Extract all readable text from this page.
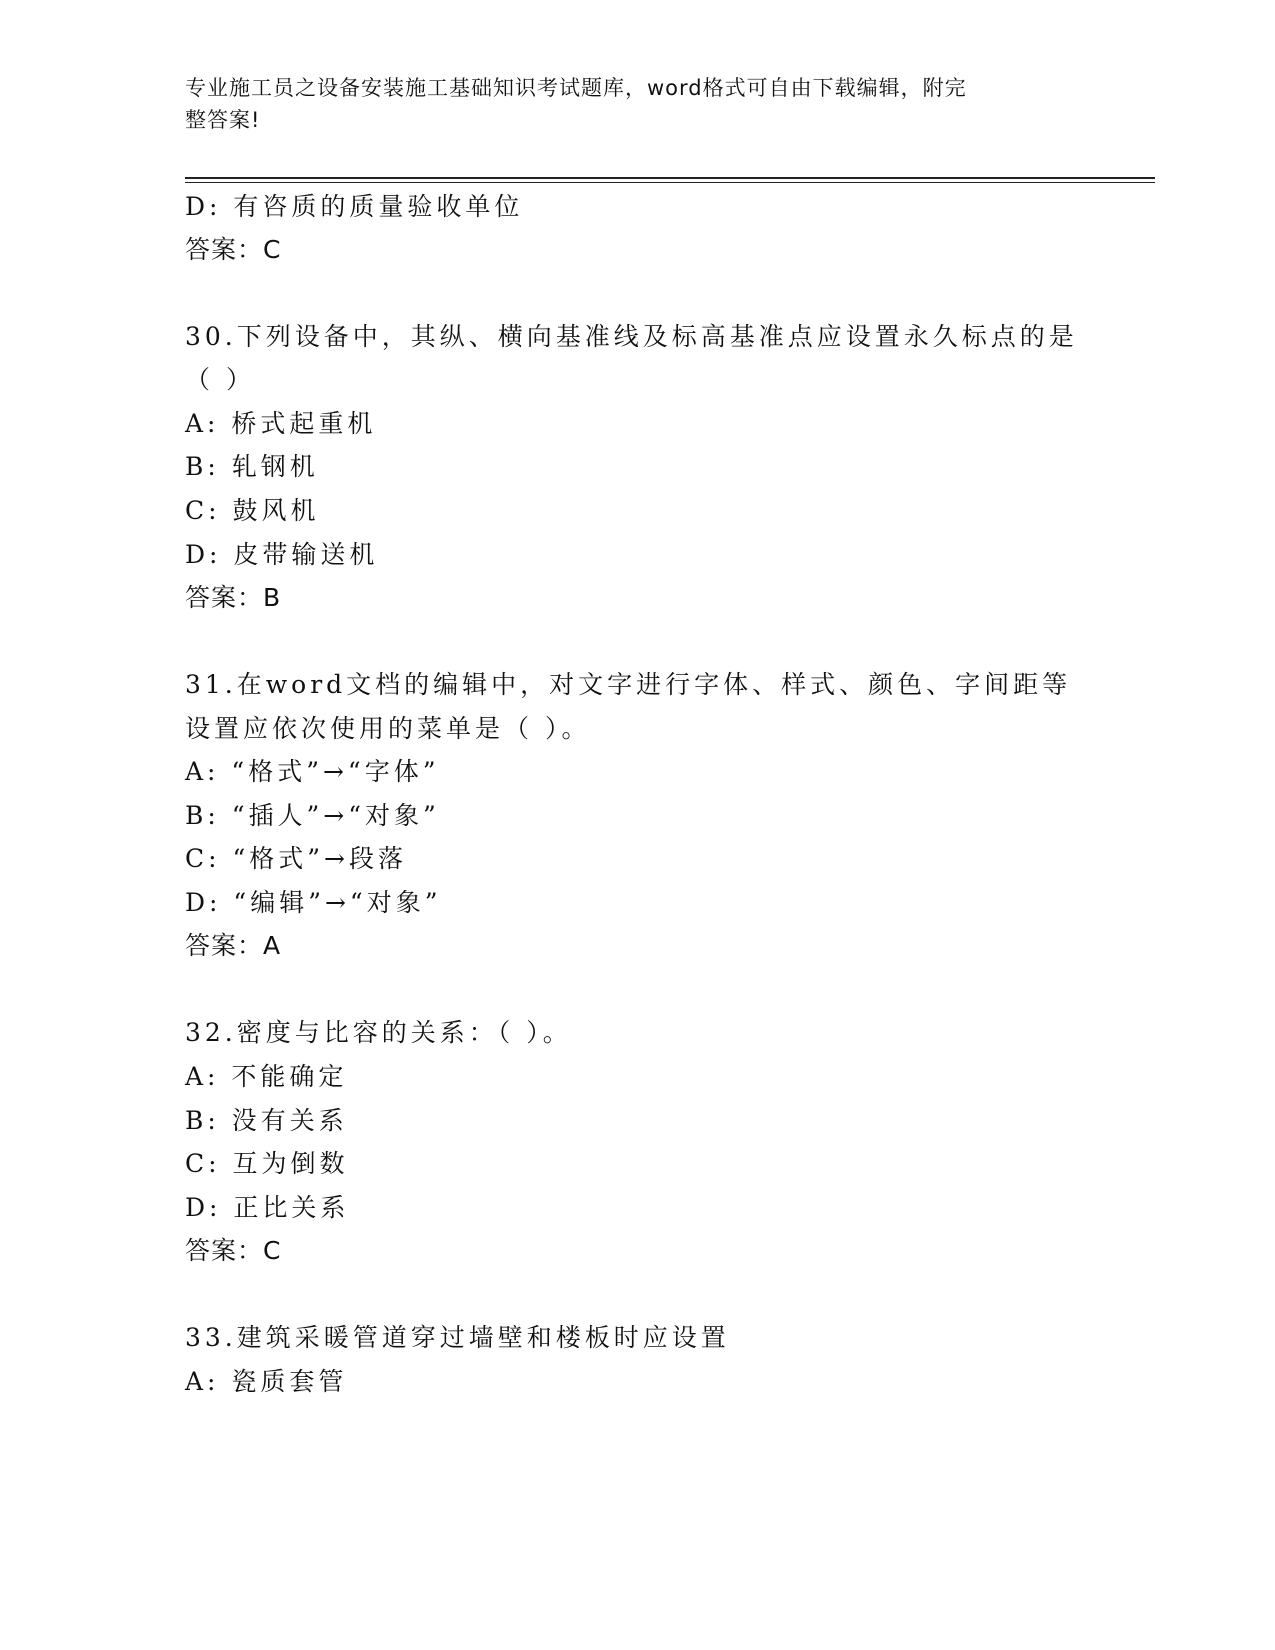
专业施工员之设备安装施工基础知识考试题库，word格式可自由下载编辑，附完
整答案!
D: 有咨质的质量验收单位
答案：C
30.下列设备中，其纵、横向基准线及标高基准点应设置永久标点的是
（ ）
A: 桥式起重机
B: 轧钢机
C: 鼓风机
D: 皮带输送机
答案：B
31.在word文档的编辑中，对文字进行字体、样式、颜色、字间距等
设置应依次使用的菜单是（ ）。
A: “格式”→“字体”
B: “插人”→“对象”
C: “格式”→段落
D: “编辑”→“对象”
答案：A
32.密度与比容的关系：（ ）。
A: 不能确定
B: 没有关系
C: 互为倒数
D: 正比关系
答案：C
33.建筑采暖管道穿过墙壁和楼板时应设置
A: 瓷质套管
